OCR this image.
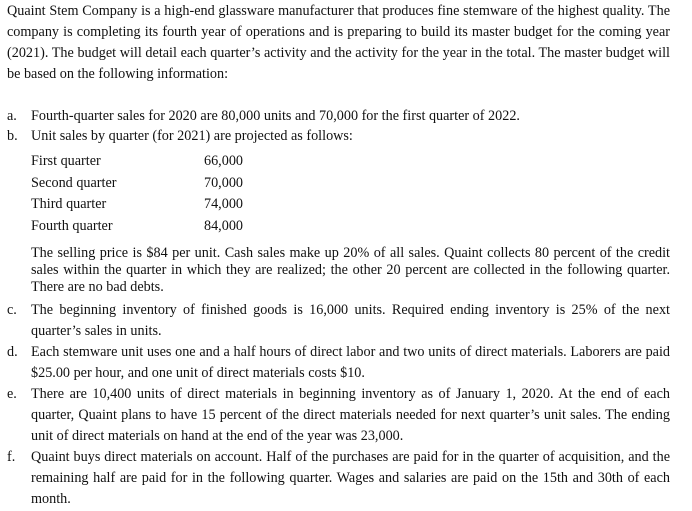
Quaint Stem Company is a high-end glassware manufacturer that produces fine stemware of the highest quality. The company is completing its fourth year of operations and is preparing to build its master budget for the coming year (2021). The budget will detail each quarter’s activity and the activity for the year in the total. The master budget will be based on the following information:

a. Fourth-quarter sales for 2020 are 80,000 units and 70,000 for the first quarter of 2022.
b. Unit sales by quarter (for 2021) are projected as follows:
First quarter	66,000
Second quarter	70,000
Third quarter	74,000
Fourth quarter	84,000

The selling price is $84 per unit. Cash sales make up 20% of all sales. Quaint collects 80 percent of the credit sales within the quarter in which they are realized; the other 20 percent are collected in the following quarter. There are no bad debts.

c. The beginning inventory of finished goods is 16,000 units. Required ending inventory is 25% of the next quarter’s sales in units.
d. Each stemware unit uses one and a half hours of direct labor and two units of direct materials. Laborers are paid $25.00 per hour, and one unit of direct materials costs $10.
e. There are 10,400 units of direct materials in beginning inventory as of January 1, 2020. At the end of each quarter, Quaint plans to have 15 percent of the direct materials needed for next quarter’s unit sales. The ending unit of direct materials on hand at the end of the year was 23,000.
f. Quaint buys direct materials on account. Half of the purchases are paid for in the quarter of acquisition, and the remaining half are paid for in the following quarter. Wages and salaries are paid on the 15th and 30th of each month.
